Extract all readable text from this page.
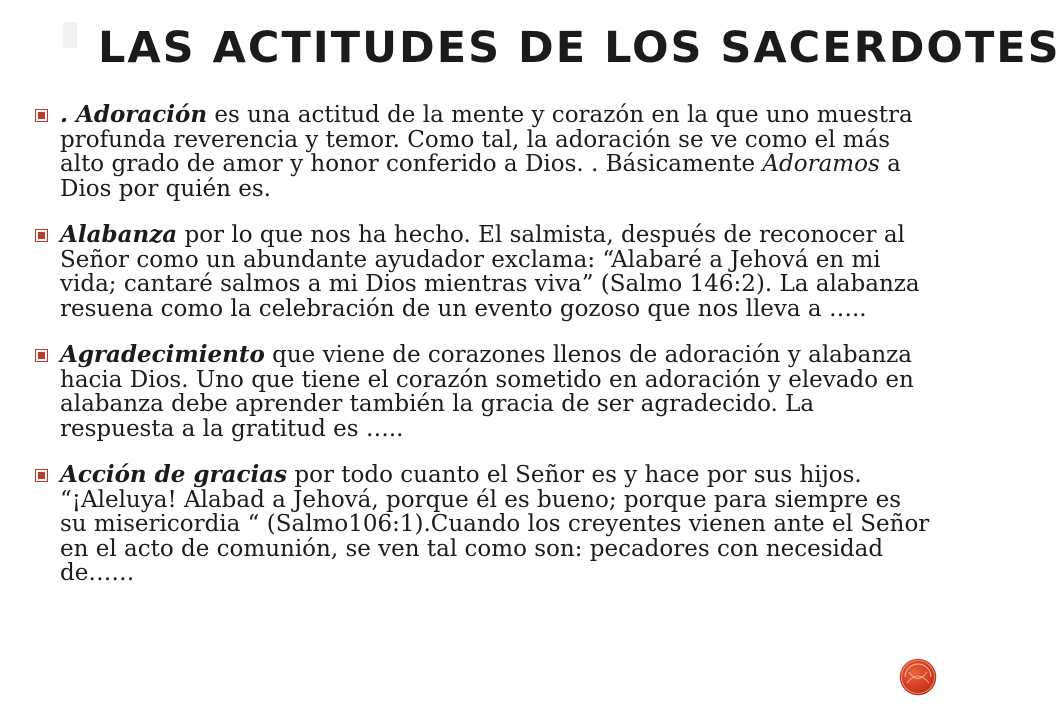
LAS ACTITUDES DE LOS SACERDOTES
. Adoración es una actitud de la mente y corazón en la que uno muestra profunda reverencia y temor. Como tal, la adoración se ve como el más alto grado de amor y honor conferido a Dios. . Básicamente Adoramos a Dios por quién es.
Alabanza por lo que nos ha hecho. El salmista, después de reconocer al Señor como un abundante ayudador exclama: “Alabaré a Jehová en mi vida; cantaré salmos a mi Dios mientras viva” (Salmo 146:2). La alabanza resuena como la celebración de un evento gozoso que nos lleva a …..
Agradecimiento que viene de corazones llenos de adoración y alabanza hacia Dios. Uno que tiene el corazón sometido en adoración y elevado en alabanza debe aprender también la gracia de ser agradecido. La respuesta a la gratitud es …..
Acción de gracias por todo cuanto el Señor es y hace por sus hijos. “¡Aleluya! Alabad a Jehová, porque él es bueno; porque para siempre es su misericordia “ (Salmo106:1).Cuando los creyentes vienen ante el Señor en el acto de comunión, se ven tal como son: pecadores con necesidad de……
